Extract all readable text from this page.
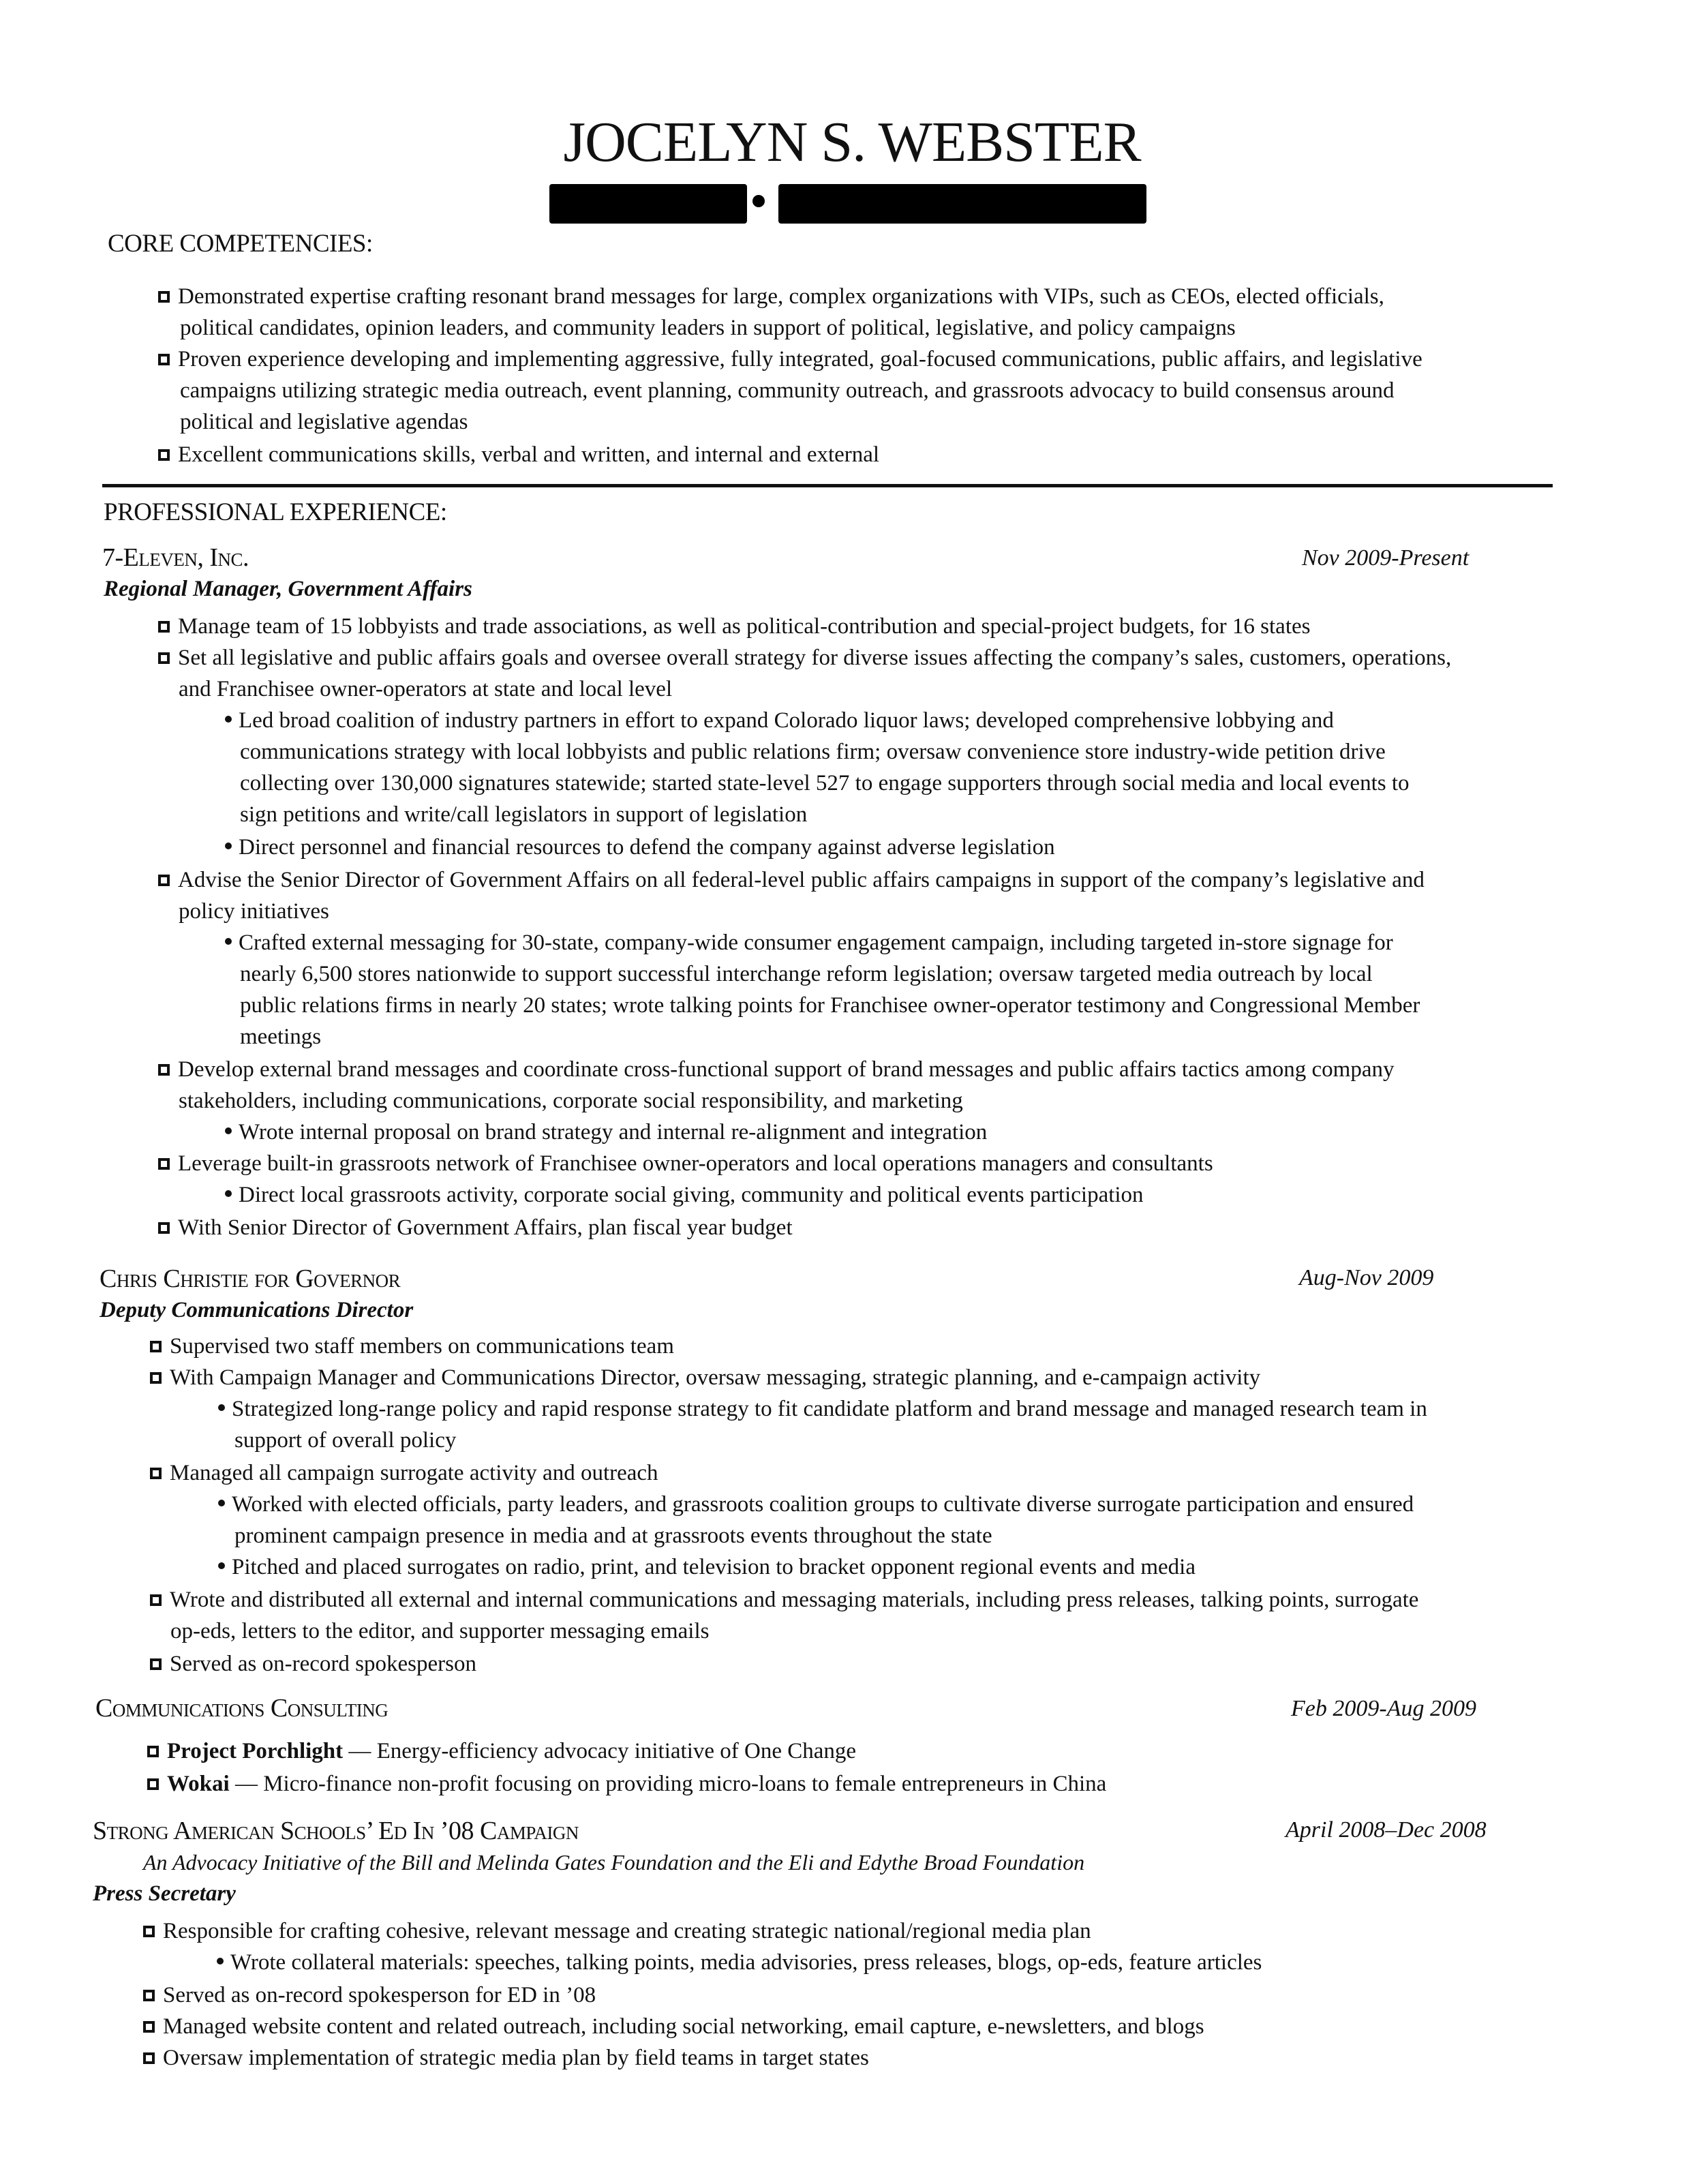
JOCELYN S. WEBSTER
CORE COMPETENCIES:
Demonstrated expertise crafting resonant brand messages for large, complex organizations with VIPs, such as CEOs, elected officials,
political candidates, opinion leaders, and community leaders in support of political, legislative, and policy campaigns
Proven experience developing and implementing aggressive, fully integrated, goal-focused communications, public affairs, and legislative
campaigns utilizing strategic media outreach, event planning, community outreach, and grassroots advocacy to build consensus around
political and legislative agendas
Excellent communications skills, verbal and written, and internal and external
PROFESSIONAL EXPERIENCE:
7-Eleven, Inc.	Nov 2009-Present
Regional Manager, Government Affairs
Manage team of 15 lobbyists and trade associations, as well as political-contribution and special-project budgets, for 16 states
Set all legislative and public affairs goals and oversee overall strategy for diverse issues affecting the company’s sales, customers, operations,
and Franchisee owner-operators at state and local level
Led broad coalition of industry partners in effort to expand Colorado liquor laws; developed comprehensive lobbying and
communications strategy with local lobbyists and public relations firm; oversaw convenience store industry-wide petition drive
collecting over 130,000 signatures statewide; started state-level 527 to engage supporters through social media and local events to
sign petitions and write/call legislators in support of legislation
Direct personnel and financial resources to defend the company against adverse legislation
Advise the Senior Director of Government Affairs on all federal-level public affairs campaigns in support of the company’s legislative and
policy initiatives
Crafted external messaging for 30-state, company-wide consumer engagement campaign, including targeted in-store signage for
nearly 6,500 stores nationwide to support successful interchange reform legislation; oversaw targeted media outreach by local
public relations firms in nearly 20 states; wrote talking points for Franchisee owner-operator testimony and Congressional Member
meetings
Develop external brand messages and coordinate cross-functional support of brand messages and public affairs tactics among company
stakeholders, including communications, corporate social responsibility, and marketing
Wrote internal proposal on brand strategy and internal re-alignment and integration
Leverage built-in grassroots network of Franchisee owner-operators and local operations managers and consultants
Direct local grassroots activity, corporate social giving, community and political events participation
With Senior Director of Government Affairs, plan fiscal year budget
Chris Christie for Governor	Aug-Nov 2009
Deputy Communications Director
Supervised two staff members on communications team
With Campaign Manager and Communications Director, oversaw messaging, strategic planning, and e-campaign activity
Strategized long-range policy and rapid response strategy to fit candidate platform and brand message and managed research team in
support of overall policy
Managed all campaign surrogate activity and outreach
Worked with elected officials, party leaders, and grassroots coalition groups to cultivate diverse surrogate participation and ensured
prominent campaign presence in media and at grassroots events throughout the state
Pitched and placed surrogates on radio, print, and television to bracket opponent regional events and media
Wrote and distributed all external and internal communications and messaging materials, including press releases, talking points, surrogate
op-eds, letters to the editor, and supporter messaging emails
Served as on-record spokesperson
Communications Consulting	Feb 2009-Aug 2009
Project Porchlight — Energy-efficiency advocacy initiative of One Change
Wokai — Micro-finance non-profit focusing on providing micro-loans to female entrepreneurs in China
Strong American Schools’ Ed In ’08 Campaign	April 2008–Dec 2008
An Advocacy Initiative of the Bill and Melinda Gates Foundation and the Eli and Edythe Broad Foundation
Press Secretary
Responsible for crafting cohesive, relevant message and creating strategic national/regional media plan
Wrote collateral materials: speeches, talking points, media advisories, press releases, blogs, op-eds, feature articles
Served as on-record spokesperson for ED in ’08
Managed website content and related outreach, including social networking, email capture, e-newsletters, and blogs
Oversaw implementation of strategic media plan by field teams in target states
